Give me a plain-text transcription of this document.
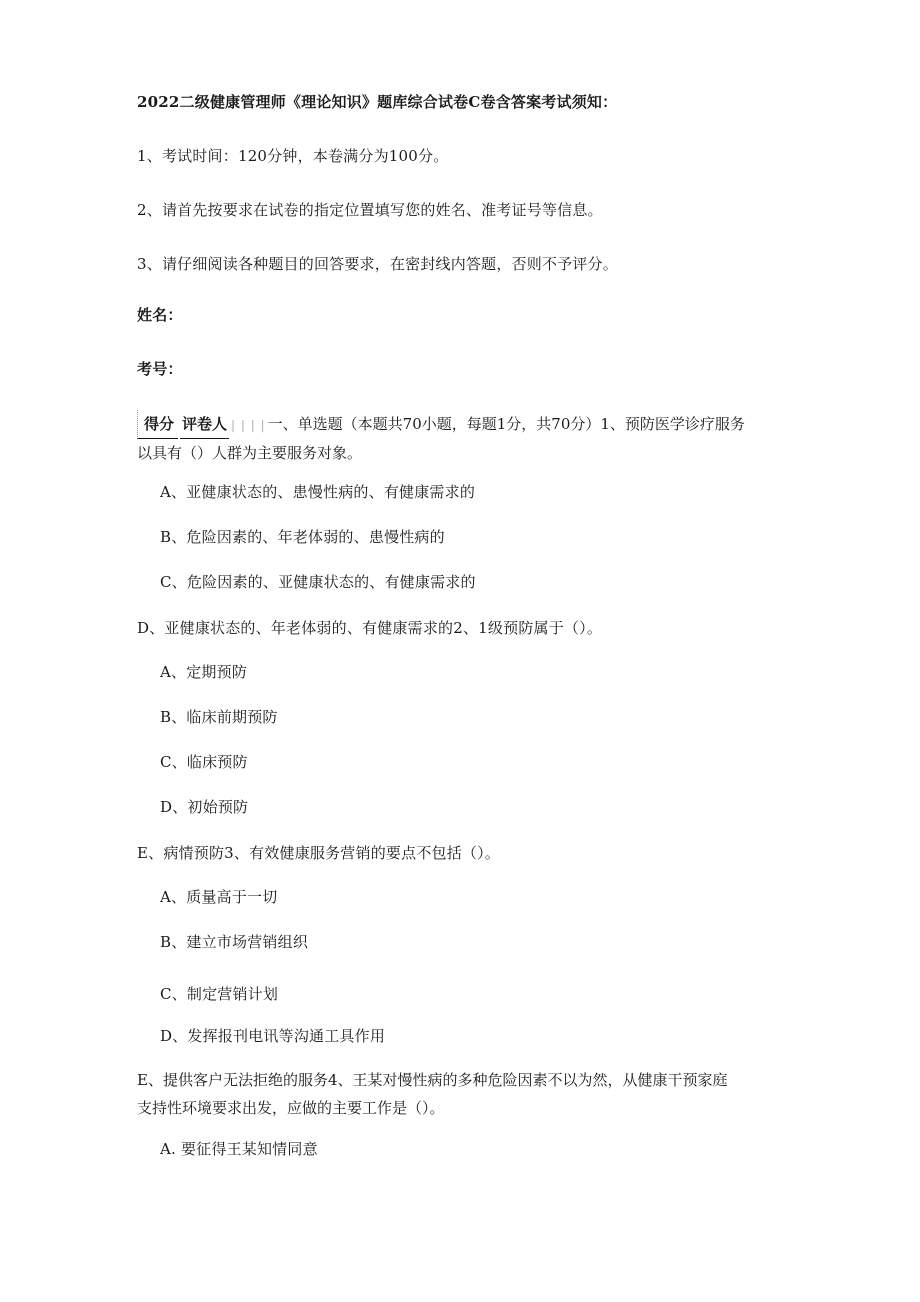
2022二级健康管理师《理论知识》题库综合试卷C卷含答案考试须知：
1、考试时间：120分钟，本卷满分为100分。
2、请首先按要求在试卷的指定位置填写您的姓名、准考证号等信息。
3、请仔细阅读各种题目的回答要求，在密封线内答题，否则不予评分。
姓名：
考号：
得分 评卷人 | | | | 一、单选题（本题共70小题，每题1分，共70分）1、预防医学诊疗服务
以具有（）人群为主要服务对象。
A、亚健康状态的、患慢性病的、有健康需求的
B、危险因素的、年老体弱的、患慢性病的
C、危险因素的、亚健康状态的、有健康需求的
D、亚健康状态的、年老体弱的、有健康需求的2、1级预防属于（）。
A、定期预防
B、临床前期预防
C、临床预防
D、初始预防
E、病情预防3、有效健康服务营销的要点不包括（）。
A、质量高于一切
B、建立市场营销组织
C、制定营销计划
D、发挥报刊电讯等沟通工具作用
E、提供客户无法拒绝的服务4、王某对慢性病的多种危险因素不以为然，从健康干预家庭
支持性环境要求出发，应做的主要工作是（）。
A. 要征得王某知情同意
